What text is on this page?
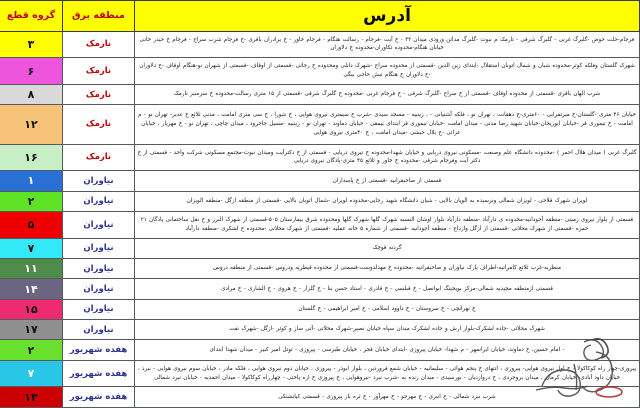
آدرس	منطقه برق	گروه قطع
فرجام-حلت حوض -گلبرگ غربی - گلبرگ شرقی - تارمک م نبوت -گلبرگ مدائن ورودی میدان ۳۳ - خ آیت -فرجام - رسالت هنگام - فرجام خاور - خ برادران باقری -خ فرجام شرب سراج - فرجام خ حیدر خانی خیابان هنگام-محدوده تکاوران-محدوده خ دلاوران	نارمک	۳
شهرک گلستان وفلکه کوثر-محدوده شبان و شمال اتوبان استقلال -ابتدای زین الدین -قسمتی از محدوده سراج -شهرک دانلی ومحدوده خ رجائی -قسمتی از اوقاف -قسمتی از شهران نو-هنگام اوقاف -خ دلاوران -خ دلاوران خ هنگام نبش حاجی بیگی	نارمک	۶
شرب الهان باقری -قسمتی از محدوده اوقاف -قسمتی از خ سراج -گلبرگ شرقی - خ فرجام غربی -محدوده خ گلبرگ شرقی -قسمتی از ۱۵ متری رسالت-محدوده خ سرسبز نارمک	نارمک	۸
خیابان ۴۶ متری -گلستان-خ میرتفرایی - ۶۰متری-خ دهقانت ، تهران نو ، فلکه آشتیانی - ، زینبیه - مسجد سیدی -شرب خ سیمتری نیروی هوایی ، خ شورا ، خ سی متری امامت ، مدنی ثلاثع خ عدیر- تهران نو - م امامت - خ تیموری قر -خیابان ابوریحان-خیابان شهید رضا مدنی - میدان امامت -خیابان تیموری قر ابتدای بیمقی - خیابان دماوند - تهران نو - زینبیه -مسیل جاجرود ، میدان چاچی ، تهران نو - خ مهریار ، خیابان عزائی -خ بلال حبشی -میدان امامت ، خ ۴۰متری نیروی هوایی	نارمک	۱۲
گلبرگ غربی ( میدان هلال احمر ) -محدوده دانشگاه علم وصنعت -مسکونی نیروی دریایی و خیابان شهدا-محدوده خ نیروی دریایی - قسمتی از خ دکترآیت ومیدان نبوت-مجتمع مسکونی شرکت واحد - قسمتی از خ دکتر آیت وفرجام شرقی -محدوده خ خاور و ثلاثع ۴۵ متری-پادگان نیروی دریایی	نارمک	۱۶
قسمتی از صاحبقرانیه -قسمتی از خ پاسداران	نیاوران	۱
لویزان شهرک قلاحی - لویزان شمالی ونرسیده به الویان بالایی - شیان دانشگاه شهید رجایی-محدوده لویزان -شمال اتوبان بالایی -قسمتی از منطقه ازگل -منطقه الویزان	نیاوران	۲
قسمتی از بلوار نیروی زمینی -منطقه آجودانیه-محدوده ی دارآباد -منطقه دارآباد بلوار اوشان النسبه شهرک گلها شهرک گلها ومحدوده شرق بیمارستان ۵۰۵-قسمتی از شهرک البرز و خ نقل ساختمانی پادگان ۲۱ حمزه -قسمتی از شهرک محلاتی -قسمتی از ازگل وارداج - منطقه آجودانیه -قسمتی از شماره ۵ خانه عملیه -قسمتی از شهرک محلاتی -محدوده خ لشکری -منطقه دارآباد	نیاوران	۵
گردنه قوچک	نیاوران	۷
منظریه-غرب ثلاثع کامرانیه-اطراف پارک نیاوران و صاحبقرانیه -محدوده خ مهدلدوست-قسمتی از محدوده قیطریه ودروس -قسمتی از منطقه دروس	نیاوران	۱۱
قسمتی ازمنطقه مجیدیه شمالی-مرکز بویجینگ ابوانصل - خ قبلسی - خ قادری - استاد حسن بنا - خ گلزار - خ هروی - خ الشاری - خ مرادی	نیاوران	۱۴
خ تهرانچی - خ سروستان - خ داوود اسلامی - خ امیر ابراهیمی - خ گلستان	نیاوران	۱۵
شهرک محلاتی -جاده لشکرک-بلوار ارش و جاده لشکرک میدان سپاه خیابان نصیر-شهرک محلاتی -آتی ساز و کوثر -ازگل -شهرک نفت	نیاوران	۱۷
- امام حسین، خ دماوند، خیابان ایرانمهر - م شهدا- خیابان پیروزی -ابتدای خیابان فجر ، خیابان طبرسی - پیروزی - توتل امیر کبیر - میدان شهدا ابتدای	هفده شهریور	۲
پیروزی-چهار راه کوکاکولا - خ اول نیروی هوایی- پیروزی ، انتهای خ پنجم هوائی - سلیمانیه - خیابان شمع فروردین ، بلوار ابوذر - پیروزی ، خیابان دوم نیروی هوایی ، فلکه مادر ، خیابان سوم نیروی هوایی - نبرد ، خیابان داود آبادی- خیابان کرمان ، میدان بروجردی ، خ دروازدیان - بورسیدی - میدان زنده به -شرب نبرد -نیروهوایی ، خ پیروزی خ اره پاختی - چهارراه کوکاکولا - میدان احمدیه - خیابان نبرد شمالی	هفده شهریور	۷
شرب نبرد شمالی - خ انبری - خ مهرجو - خ مهرآور - خ ثره باز پیروزی - قسمتی کیانشنکی	هفده شهریور	۱۳
